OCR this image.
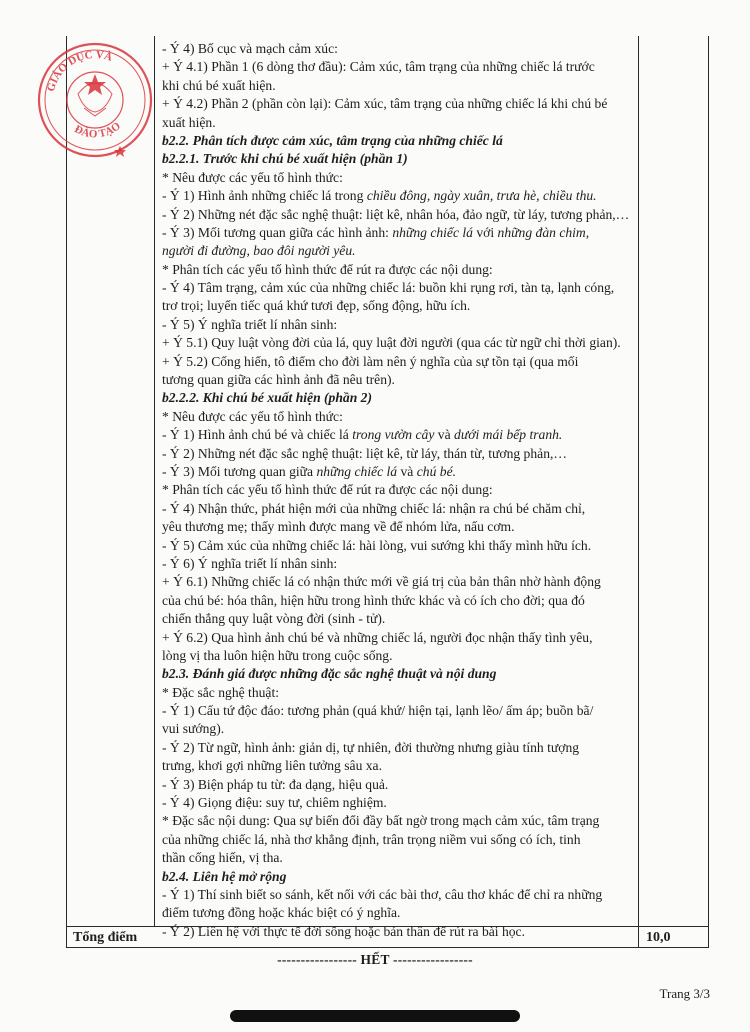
- Ý 4) Bố cục và mạch cảm xúc:
+ Ý 4.1) Phần 1 (6 dòng thơ đầu): Cảm xúc, tâm trạng của những chiếc lá trước
khi chú bé xuất hiện.
+ Ý 4.2) Phần 2 (phần còn lại): Cảm xúc, tâm trạng của những chiếc lá khi chú bé
xuất hiện.
b2.2. Phân tích được cảm xúc, tâm trạng của những chiếc lá
b2.2.1. Trước khi chú bé xuất hiện (phần 1)
* Nêu được các yếu tố hình thức:
- Ý 1) Hình ảnh những chiếc lá trong chiều đông, ngày xuân, trưa hè, chiều thu.
- Ý 2) Những nét đặc sắc nghệ thuật: liệt kê, nhân hóa, đảo ngữ, từ láy, tương phản,…
- Ý 3) Mối tương quan giữa các hình ảnh: những chiếc lá với những đàn chim,
người đi đường, bao đôi người yêu.
* Phân tích các yếu tố hình thức để rút ra được các nội dung:
- Ý 4) Tâm trạng, cảm xúc của những chiếc lá: buồn khi rụng rơi, tàn tạ, lạnh cóng,
trơ trọi; luyến tiếc quá khứ tươi đẹp, sống động, hữu ích.
- Ý 5) Ý nghĩa triết lí nhân sinh:
+ Ý 5.1) Quy luật vòng đời của lá, quy luật đời người (qua các từ ngữ chỉ thời gian).
+ Ý 5.2) Cống hiến, tô điểm cho đời làm nên ý nghĩa của sự tồn tại (qua mối
tương quan giữa các hình ảnh đã nêu trên).
b2.2.2. Khi chú bé xuất hiện (phần 2)
* Nêu được các yếu tố hình thức:
- Ý 1) Hình ảnh chú bé và chiếc lá trong vườn cây và dưới mái bếp tranh.
- Ý 2) Những nét đặc sắc nghệ thuật: liệt kê, từ láy, thán từ, tương phản,…
- Ý 3) Mối tương quan giữa những chiếc lá và chú bé.
* Phân tích các yếu tố hình thức để rút ra được các nội dung:
- Ý 4) Nhận thức, phát hiện mới của những chiếc lá: nhận ra chú bé chăm chỉ,
yêu thương mẹ; thấy mình được mang về để nhóm lửa, nấu cơm.
- Ý 5) Cảm xúc của những chiếc lá: hài lòng, vui sướng khi thấy mình hữu ích.
- Ý 6) Ý nghĩa triết lí nhân sinh:
+ Ý 6.1) Những chiếc lá có nhận thức mới về giá trị của bản thân nhờ hành động
của chú bé: hóa thân, hiện hữu trong hình thức khác và có ích cho đời; qua đó
chiến thắng quy luật vòng đời (sinh - tử).
+ Ý 6.2) Qua hình ảnh chú bé và những chiếc lá, người đọc nhận thấy tình yêu,
lòng vị tha luôn hiện hữu trong cuộc sống.
b2.3. Đánh giá được những đặc sắc nghệ thuật và nội dung
* Đặc sắc nghệ thuật:
- Ý 1) Cấu tứ độc đáo: tương phản (quá khứ/ hiện tại, lạnh lẽo/ ấm áp; buồn bã/
vui sướng).
- Ý 2) Từ ngữ, hình ảnh: giản dị, tự nhiên, đời thường nhưng giàu tính tượng
trưng, khơi gợi những liên tưởng sâu xa.
- Ý 3) Biện pháp tu từ: đa dạng, hiệu quả.
- Ý 4) Giọng điệu: suy tư, chiêm nghiệm.
* Đặc sắc nội dung: Qua sự biến đổi đầy bất ngờ trong mạch cảm xúc, tâm trạng
của những chiếc lá, nhà thơ khẳng định, trân trọng niềm vui sống có ích, tinh
thần cống hiến, vị tha.
b2.4. Liên hệ mở rộng
- Ý 1) Thí sinh biết so sánh, kết nối với các bài thơ, câu thơ khác để chỉ ra những
điểm tương đồng hoặc khác biệt có ý nghĩa.
- Ý 2) Liên hệ với thực tế đời sống hoặc bản thân để rút ra bài học.
Tổng điểm	10,0
----------------- HẾT -----------------
Trang 3/3
GIÁO DỤC VÀ
ĐÀO TẠO
